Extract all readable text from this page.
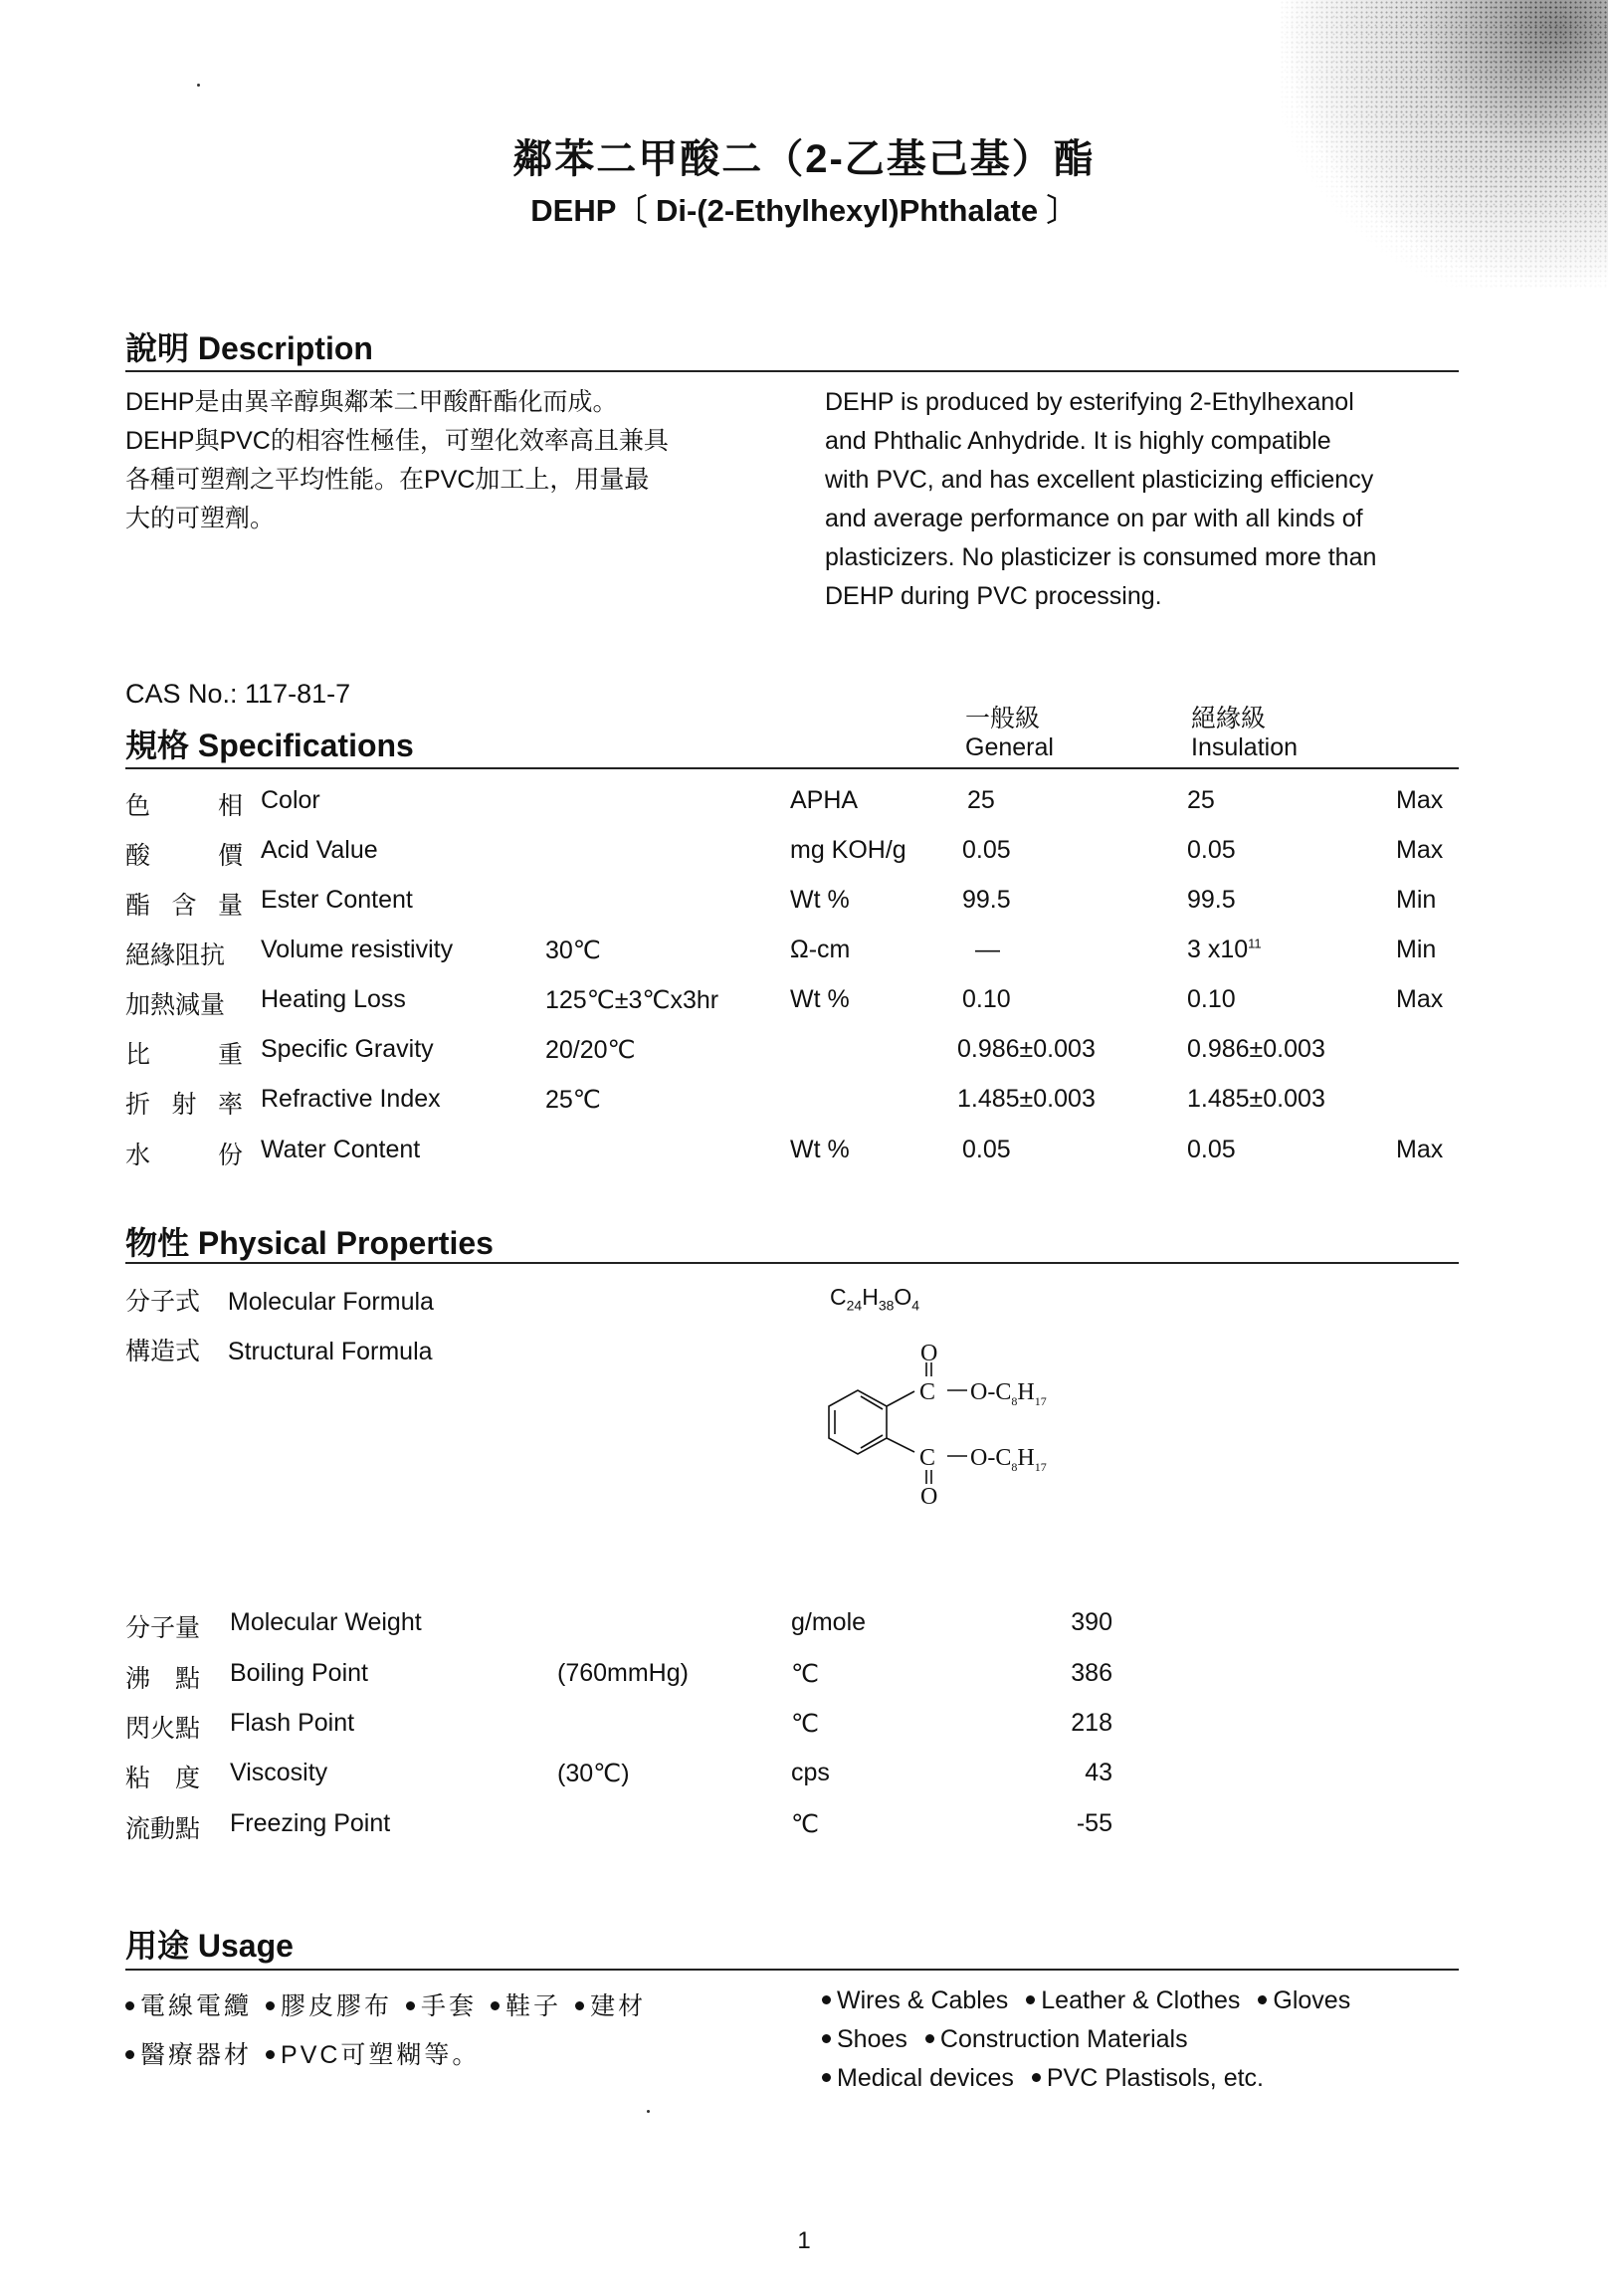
鄰苯二甲酸二（2-乙基己基）酯
DEHP〔 Di-(2-Ethylhexyl)Phthalate 〕
說明 Description
DEHP是由異辛醇與鄰苯二甲酸酐酯化而成。
DEHP與PVC的相容性極佳，可塑化效率高且兼具
各種可塑劑之平均性能。在PVC加工上，用量最
大的可塑劑。
DEHP is produced by esterifying 2-Ethylhexanol
and Phthalic Anhydride. It is highly compatible
with PVC, and has excellent plasticizing efficiency
and average performance on par with all kinds of
plasticizers. No plasticizer is consumed more than
DEHP during PVC processing.
CAS No.: 117-81-7
規格 Specifications
一般級
General
絕緣級
Insulation
色	相 Color	APHA	25	25	Max
酸	價 Acid Value	mg KOH/g 0.05	0.05	Max
酯 含 量 Ester Content	Wt %	99.5	99.5	Min
絕緣阻抗 Volume resistivity	30℃	Ω-cm	—	3 $x10^{11}$	Min
加熱減量 Heating Loss	125℃±3℃x3hr	Wt %	0.10	0.10	Max
比	重 Specific Gravity	20/20℃	0.986±0.003	0.986±0.003
折 射 率 Refractive Index	25℃	1.485±0.003	1.485±0.003
水	份 Water Content	Wt %	0.05	0.05	Max
物性 Physical Properties
分子式 Molecular Formula	$C_{24}H_{38}O_4$
構造式 Structural Formula	O
C
C
O
$O-C_8H_{17}$
$O-C_8H_{17}$
分子量 Molecular Weight	g/mole	390
沸　點 Boiling Point	(760mmHg)	℃	386
閃火點 Flash Point	℃	218
粘　度 Viscosity	(30℃)	cps	43
流動點 Freezing Point	℃	-55
用途 Usage
電線電纜 膠皮膠布 手套 鞋子 建材
醫療器材 PVC可塑糊等。
Wires & Cables Leather & Clothes Gloves
Shoes Construction Materials
Medical devices PVC Plastisols, etc.
1
